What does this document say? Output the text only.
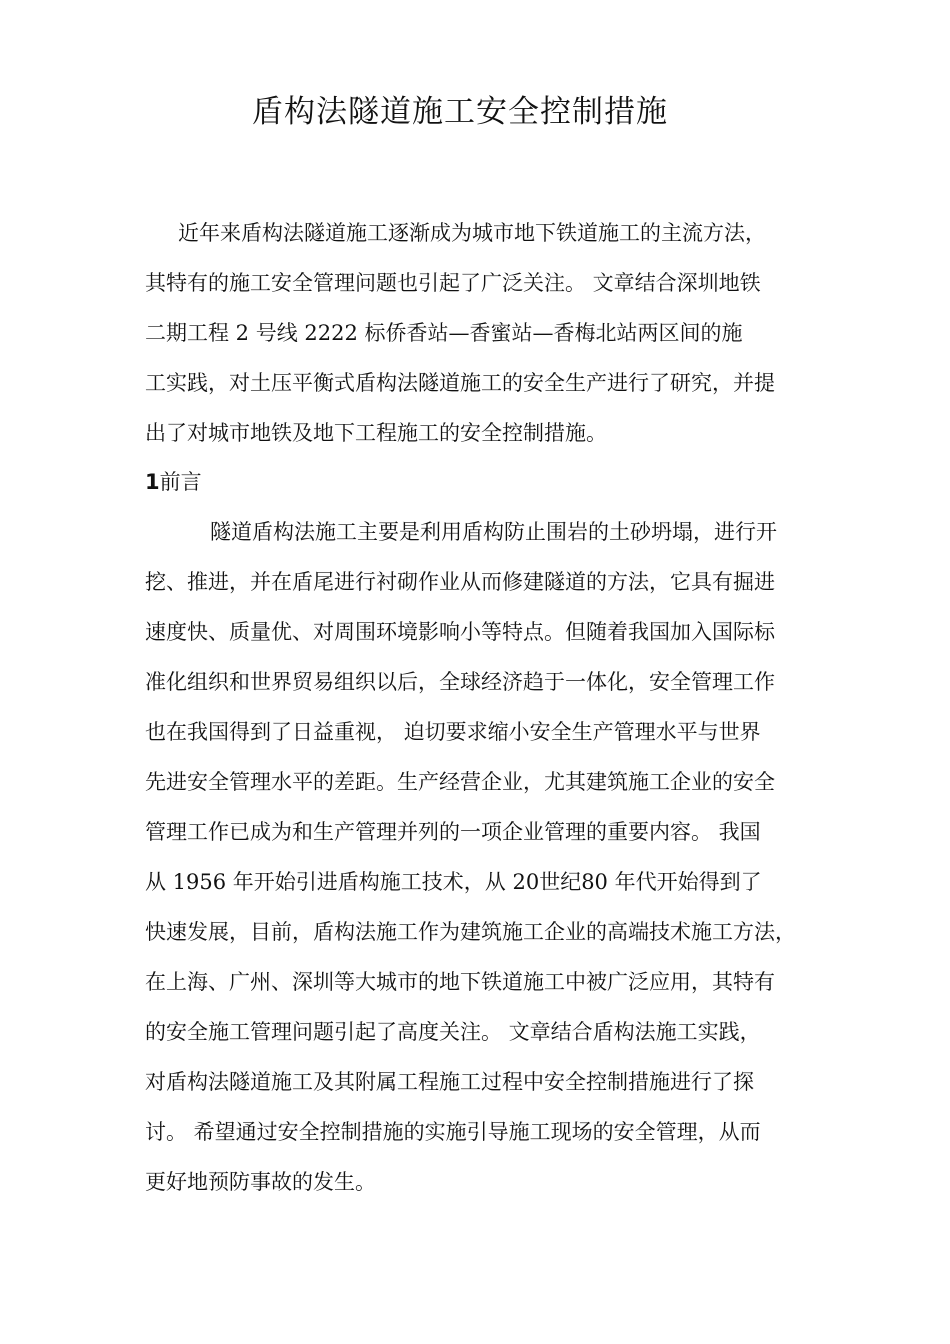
盾构法隧道施工安全控制措施
近年来盾构法隧道施工逐渐成为城市地下铁道施工的主流方法，
其特有的施工安全管理问题也引起了广泛关注。 文章结合深圳地铁
二期工程 2 号线 2222 标侨香站—香蜜站—香梅北站两区间的施
工实践，对土压平衡式盾构法隧道施工的安全生产进行了研究，并提
出了对城市地铁及地下工程施工的安全控制措施。
1前言
隧道盾构法施工主要是利用盾构防止围岩的土砂坍塌，进行开
挖、推进，并在盾尾进行衬砌作业从而修建隧道的方法，它具有掘进
速度快、质量优、对周围环境影响小等特点。但随着我国加入国际标
准化组织和世界贸易组织以后，全球经济趋于一体化，安全管理工作
也在我国得到了日益重视， 迫切要求缩小安全生产管理水平与世界
先进安全管理水平的差距。生产经营企业，尤其建筑施工企业的安全
管理工作已成为和生产管理并列的一项企业管理的重要内容。 我国
从 1956 年开始引进盾构施工技术，从 20世纪80 年代开始得到了
快速发展，目前，盾构法施工作为建筑施工企业的高端技术施工方法，
在上海、广州、深圳等大城市的地下铁道施工中被广泛应用，其特有
的安全施工管理问题引起了高度关注。 文章结合盾构法施工实践，
对盾构法隧道施工及其附属工程施工过程中安全控制措施进行了探
讨。 希望通过安全控制措施的实施引导施工现场的安全管理，从而
更好地预防事故的发生。
